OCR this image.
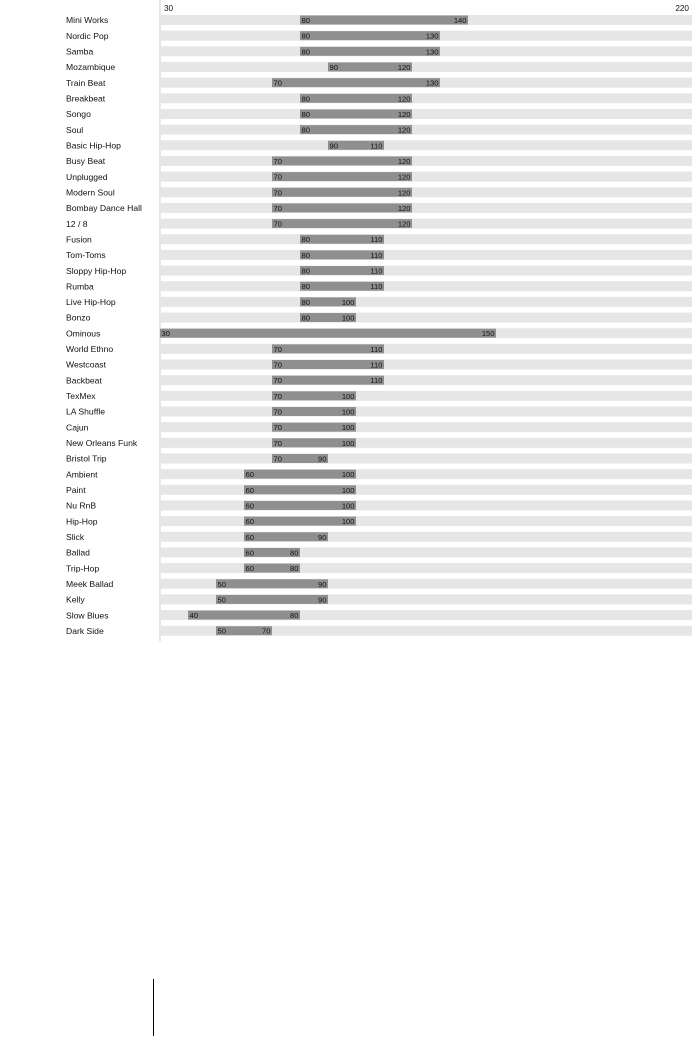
30	220
Mini Works	80	140
Nordic Pop	80	130
Samba	80	130
Mozambique	90	120
Train Beat	70	130
Breakbeat	80	120
Songo	80	120
Soul	80	120
Basic Hip-Hop	90	110
Busy Beat	70	120
Unplugged	70	120
Modern Soul	70	120
Bombay Dance Hall	70	120
12 / 8	70	120
Fusion	80	110
Tom-Toms	80	110
Sloppy Hip-Hop	80	110
Rumba	80	110
Live Hip-Hop	80	100
Bonzo	80	100
Ominous	30	150
World Ethno	70	110
Westcoast	70	110
Backbeat	70	110
TexMex	70	100
LA Shuffle	70	100
Cajun	70	100
New Orleans Funk	70	100
Bristol Trip	70	90
Ambient	60	100
Paint	60	100
Nu RnB	60	100
Hip-Hop	60	100
Slick	60	90
Ballad	60	80
Trip-Hop	60	80
Meek Ballad	50	90
Kelly	50	90
Slow Blues	40	80
Dark Side	50	70
